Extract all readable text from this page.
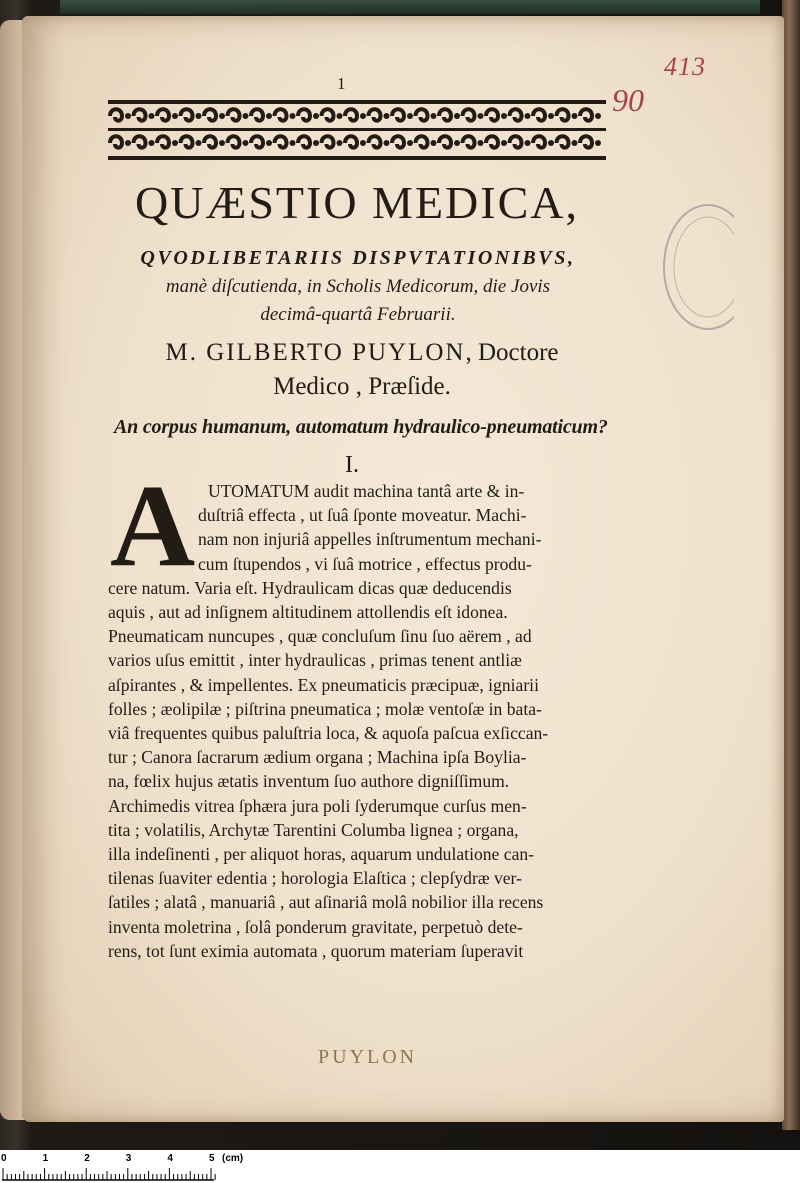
1
413
90
QUÆSTIO MEDICA,

QVODLIBETARIIS DISPVTATIONIBVS,
manè diſcutienda, in Scholis Medicorum, die Jovis
decimâ-quartâ Februarii.

M. GILBERTO PUYLON, Doctore
Medico , Præſide.

An corpus humanum, automatum hydraulico-pneumaticum?

I.

A UTOMATUM audit machina tantâ arte & in-

duſtriâ effecta , ut ſuâ ſponte moveatur. Machi-

nam non injuriâ appelles inſtrumentum mechani-

cum ſtupendos , vi ſuâ motrice , effectus produ-

cere natum. Varia eſt. Hydraulicam dicas quæ deducendis

aquis , aut ad inſignem altitudinem attollendis eſt idonea.

Pneumaticam nuncupes , quæ concluſum ſinu ſuo aërem , ad

varios uſus emittit , inter hydraulicas , primas tenent antliæ

aſpirantes , & impellentes. Ex pneumaticis præcipuæ, igniarii

folles ; æolipilæ ; piſtrina pneumatica ; molæ ventoſæ in bata-

viâ frequentes quibus paluſtria loca, & aquoſa paſcua exſiccan-

tur ; Canora ſacrarum ædium organa ; Machina ipſa Boylia-

na, fœlix hujus ætatis inventum ſuo authore digniſſimum.

Archimedis vitrea ſphæra jura poli ſyderumque curſus men-

tita ; volatilis, Archytæ Tarentini Columba lignea ; organa,

illa indeſinenti , per aliquot horas, aquarum undulatione can-

tilenas ſuaviter edentia ; horologia Elaſtica ; clepſydræ ver-

ſatiles ; alatâ , manuariâ , aut aſinariâ molâ nobilior illa recens

inventa moletrina , ſolâ ponderum gravitate, perpetuò dete-

rens, tot ſunt eximia automata , quorum materiam ſuperavit

PUYLON
0	1	2	3	4	5 (cm)
